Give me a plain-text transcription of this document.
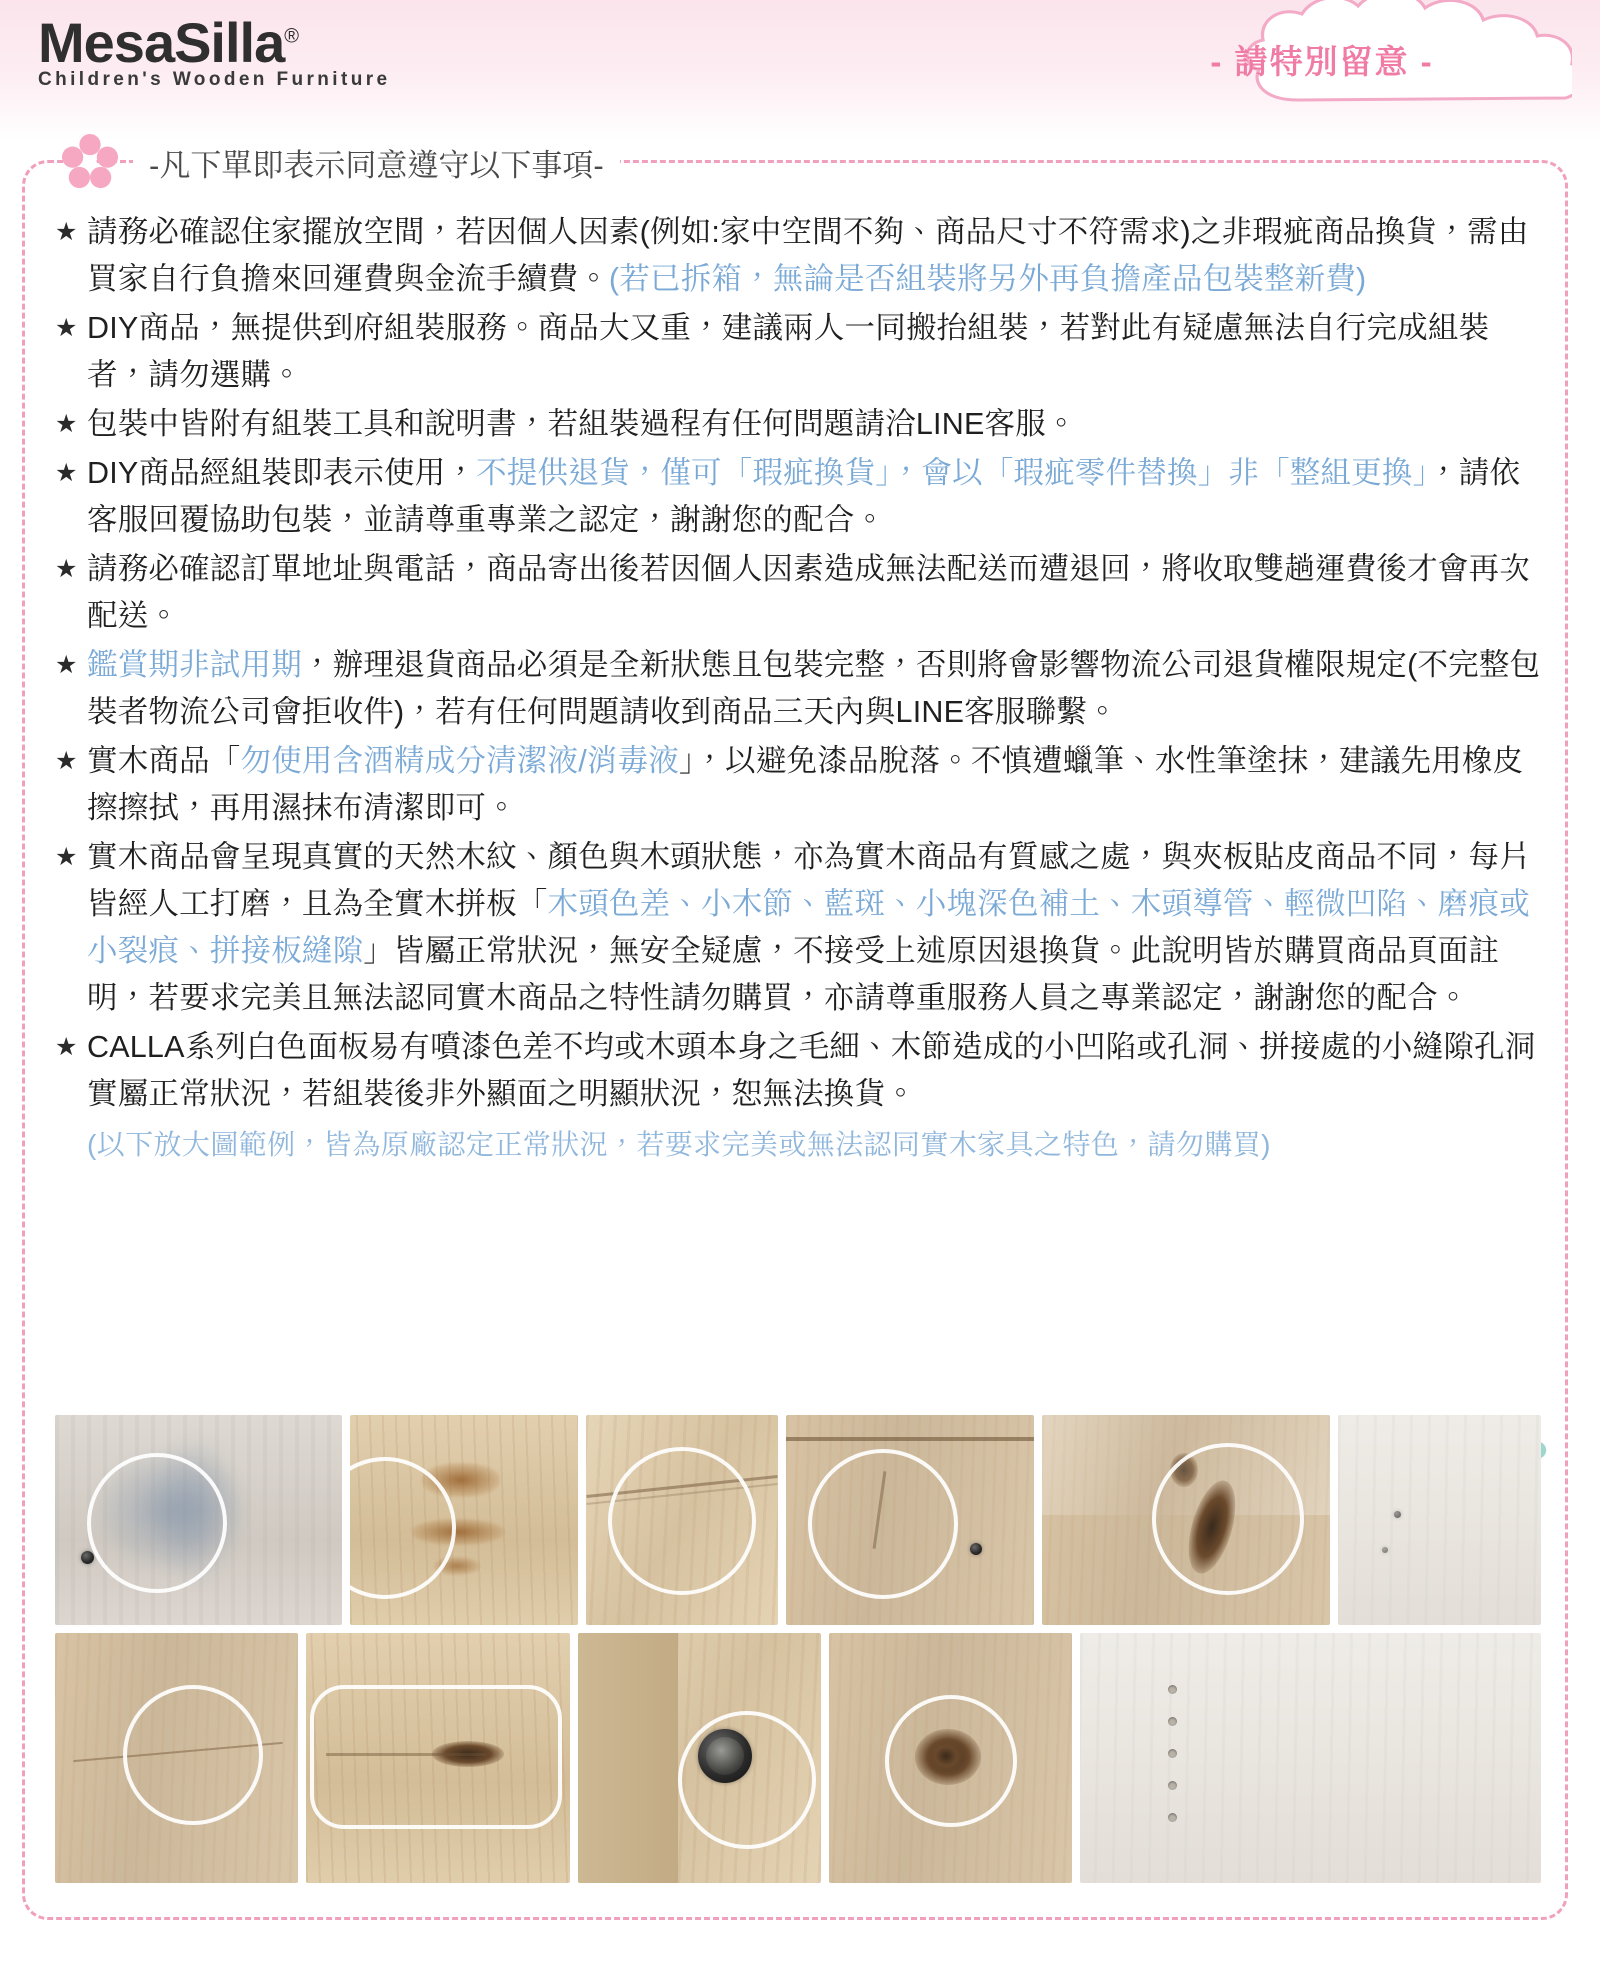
MesaSilla®
Children's Wooden Furniture	- 請特別留意 -
-凡下單即表示同意遵守以下事項-
★ 請務必確認住家擺放空間，若因個人因素(例如:家中空間不夠、商品尺寸不符需求)之非瑕疵商品換貨，需由買家自行負擔來回運費與金流手續費。(若已拆箱，無論是否組裝將另外再負擔產品包裝整新費)
★ DIY商品，無提供到府組裝服務。商品大又重，建議兩人一同搬抬組裝，若對此有疑慮無法自行完成組裝者，請勿選購。
★ 包裝中皆附有組裝工具和說明書，若組裝過程有任何問題請洽LINE客服。
★ DIY商品經組裝即表示使用，不提供退貨，僅可「瑕疵換貨」，會以「瑕疵零件替換」非「整組更換」，請依客服回覆協助包裝，並請尊重專業之認定，謝謝您的配合。
★ 請務必確認訂單地址與電話，商品寄出後若因個人因素造成無法配送而遭退回，將收取雙趟運費後才會再次配送。
★ 鑑賞期非試用期，辦理退貨商品必須是全新狀態且包裝完整，否則將會影響物流公司退貨權限規定(不完整包裝者物流公司會拒收件)，若有任何問題請收到商品三天內與LINE客服聯繫。
★ 實木商品「勿使用含酒精成分清潔液/消毒液」，以避免漆品脫落。不慎遭蠟筆、水性筆塗抹，建議先用橡皮擦擦拭，再用濕抹布清潔即可。
★ 實木商品會呈現真實的天然木紋、顏色與木頭狀態，亦為實木商品有質感之處，與夾板貼皮商品不同，每片皆經人工打磨，且為全實木拼板「木頭色差、小木節、藍斑、小塊深色補土、木頭導管、輕微凹陷、磨痕或小裂痕、拼接板縫隙」皆屬正常狀況，無安全疑慮，不接受上述原因退換貨。此說明皆於購買商品頁面註明，若要求完美且無法認同實木商品之特性請勿購買，亦請尊重服務人員之專業認定，謝謝您的配合。
★ CALLA系列白色面板易有噴漆色差不均或木頭本身之毛細、木節造成的小凹陷或孔洞、拼接處的小縫隙孔洞實屬正常狀況，若組裝後非外顯面之明顯狀況，恕無法換貨。
(以下放大圖範例，皆為原廠認定正常狀況，若要求完美或無法認同實木家具之特色，請勿購買)
